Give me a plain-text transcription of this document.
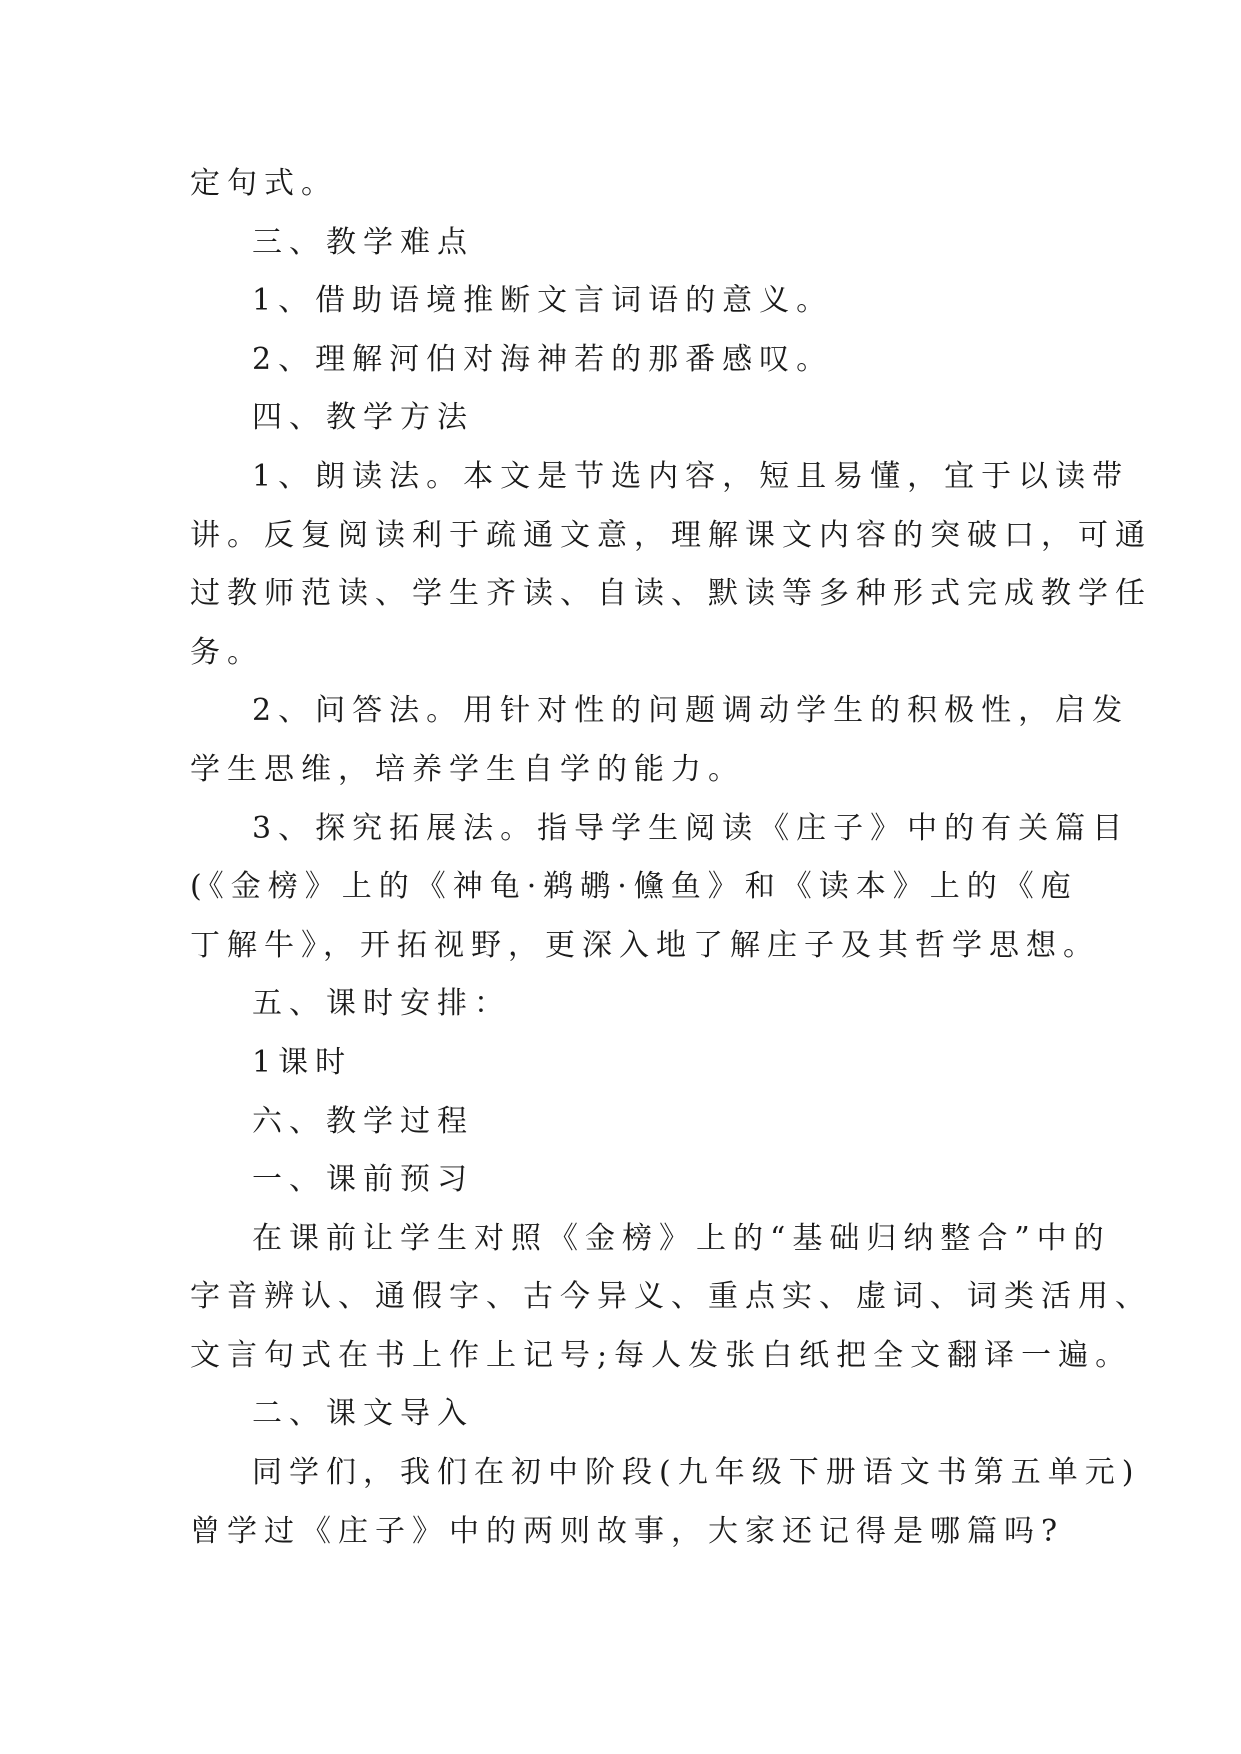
定句式。
三、教学难点
1、借助语境推断文言词语的意义。
2、理解河伯对海神若的那番感叹。
四、教学方法
1、朗读法。本文是节选内容，短且易懂，宜于以读带
讲。反复阅读利于疏通文意，理解课文内容的突破口，可通
过教师范读、学生齐读、自读、默读等多种形式完成教学任
务。
2、问答法。用针对性的问题调动学生的积极性，启发
学生思维，培养学生自学的能力。
3、探究拓展法。指导学生阅读《庄子》中的有关篇目
(《金榜》上的《神龟·鹈鹕·儵鱼》和《读本》上的《庖
丁解牛》，开拓视野，更深入地了解庄子及其哲学思想。
五、课时安排：
1课时
六、教学过程
一、课前预习
在课前让学生对照《金榜》上的“基础归纳整合”中的
字音辨认、通假字、古今异义、重点实、虚词、词类活用、
文言句式在书上作上记号;每人发张白纸把全文翻译一遍。
二、课文导入
同学们，我们在初中阶段(九年级下册语文书第五单元)
曾学过《庄子》中的两则故事，大家还记得是哪篇吗?
